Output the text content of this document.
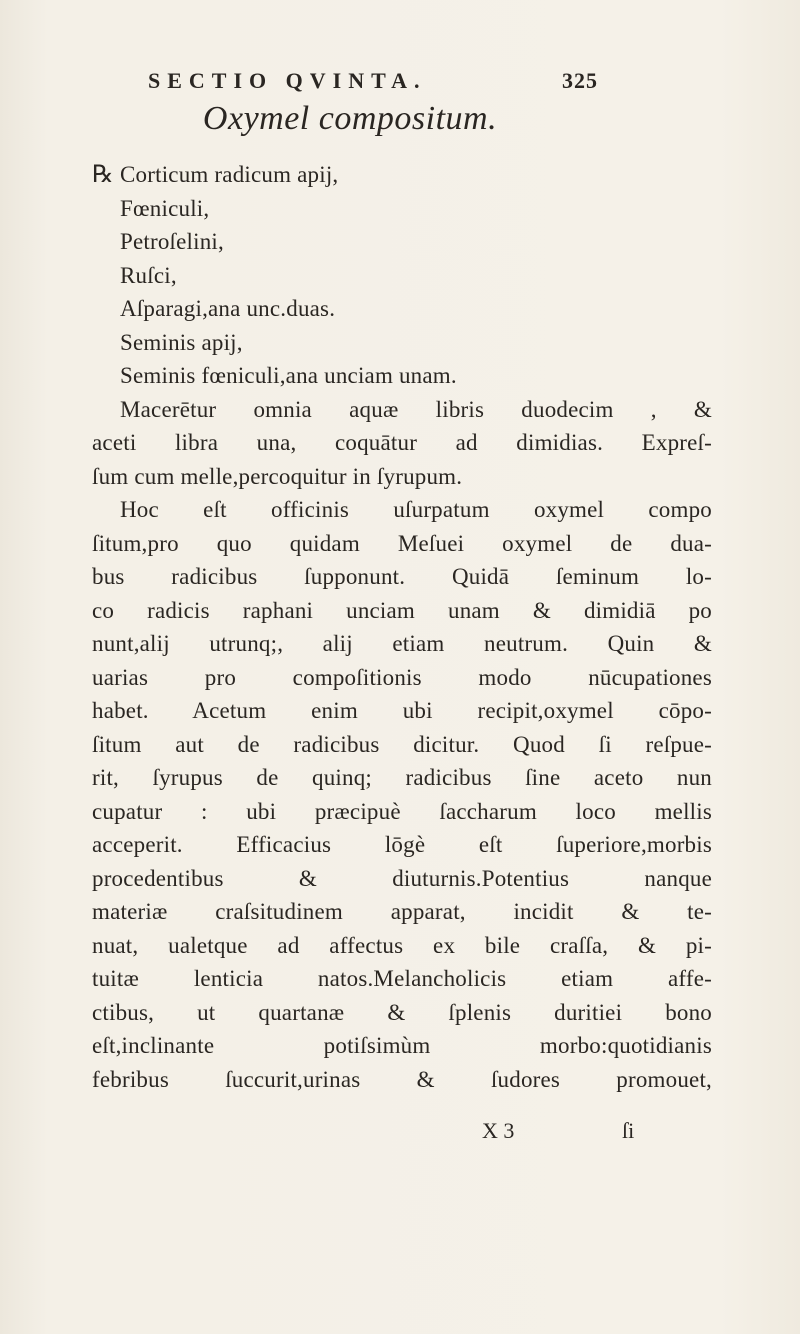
SECTIO QVINTA.	325
Oxymel compositum.
℞ Corticum radicum apij,
Fœniculi,
Petroſelini,
Ruſci,
Aſparagi,ana unc.duas.
Seminis apij,
Seminis fœniculi,ana unciam unam.
Macerētur omnia aquæ libris duodecim , &
aceti libra una, coquātur ad dimidias. Expreſ-
ſum cum melle,percoquitur in ſyrupum.
Hoc eſt officinis uſurpatum oxymel compo
ſitum,pro quo quidam Meſuei oxymel de dua-
bus radicibus ſupponunt. Quidā ſeminum lo-
co radicis raphani unciam unam & dimidiā po
nunt,alij utrunq;, alij etiam neutrum. Quin &
uarias pro compoſitionis modo nūcupationes
habet. Acetum enim ubi recipit,oxymel cōpo-
ſitum aut de radicibus dicitur. Quod ſi reſpue-
rit, ſyrupus de quinq; radicibus ſine aceto nun
cupatur : ubi præcipuè ſaccharum loco mellis
acceperit. Efficacius lōgè eſt ſuperiore,morbis
procedentibus & diuturnis.Potentius nanque
materiæ craſsitudinem apparat, incidit & te-
nuat, ualetque ad affectus ex bile craſſa, & pi-
tuitæ lenticia natos.Melancholicis etiam affe-
ctibus, ut quartanæ & ſplenis duritiei bono
eſt,inclinante potiſsimùm morbo:quotidianis
febribus ſuccurit,urinas & ſudores promouet,
X 3	ſi
